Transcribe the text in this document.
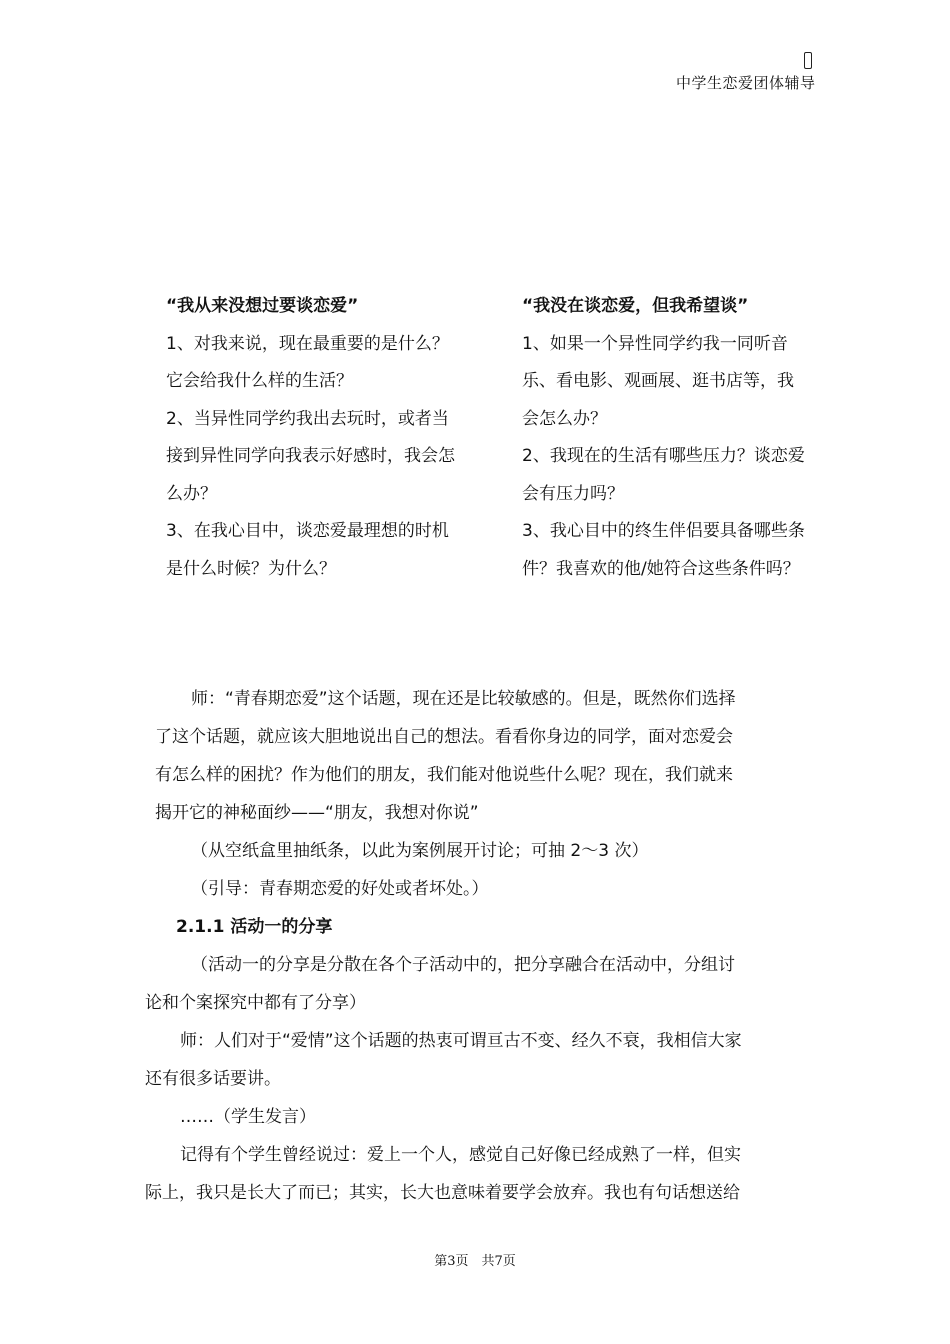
中学生恋爱团体辅导
“我从来没想过要谈恋爱”
1、对我来说，现在最重要的是什么？
它会给我什么样的生活？
2、当异性同学约我出去玩时，或者当
接到异性同学向我表示好感时，我会怎
么办？
3、在我心目中，谈恋爱最理想的时机
是什么时候？为什么？
“我没在谈恋爱，但我希望谈”
1、如果一个异性同学约我一同听音
乐、看电影、观画展、逛书店等，我
会怎么办？
2、我现在的生活有哪些压力？谈恋爱
会有压力吗？
3、我心目中的终生伴侣要具备哪些条
件？我喜欢的他/她符合这些条件吗？
师：“青春期恋爱”这个话题，现在还是比较敏感的。但是，既然你们选择
了这个话题，就应该大胆地说出自己的想法。看看你身边的同学，面对恋爱会
有怎么样的困扰？作为他们的朋友，我们能对他说些什么呢？现在，我们就来
揭开它的神秘面纱——“朋友，我想对你说”
（从空纸盒里抽纸条，以此为案例展开讨论；可抽 2～3 次）
（引导：青春期恋爱的好处或者坏处。）
2.1.1 活动一的分享
（活动一的分享是分散在各个子活动中的，把分享融合在活动中，分组讨
论和个案探究中都有了分享）
师：人们对于“爱情”这个话题的热衷可谓亘古不变、经久不衰，我相信大家
还有很多话要讲。
……（学生发言）
记得有个学生曾经说过：爱上一个人，感觉自己好像已经成熟了一样，但实
际上，我只是长大了而已；其实，长大也意味着要学会放弃。我也有句话想送给
第3页　共7页
